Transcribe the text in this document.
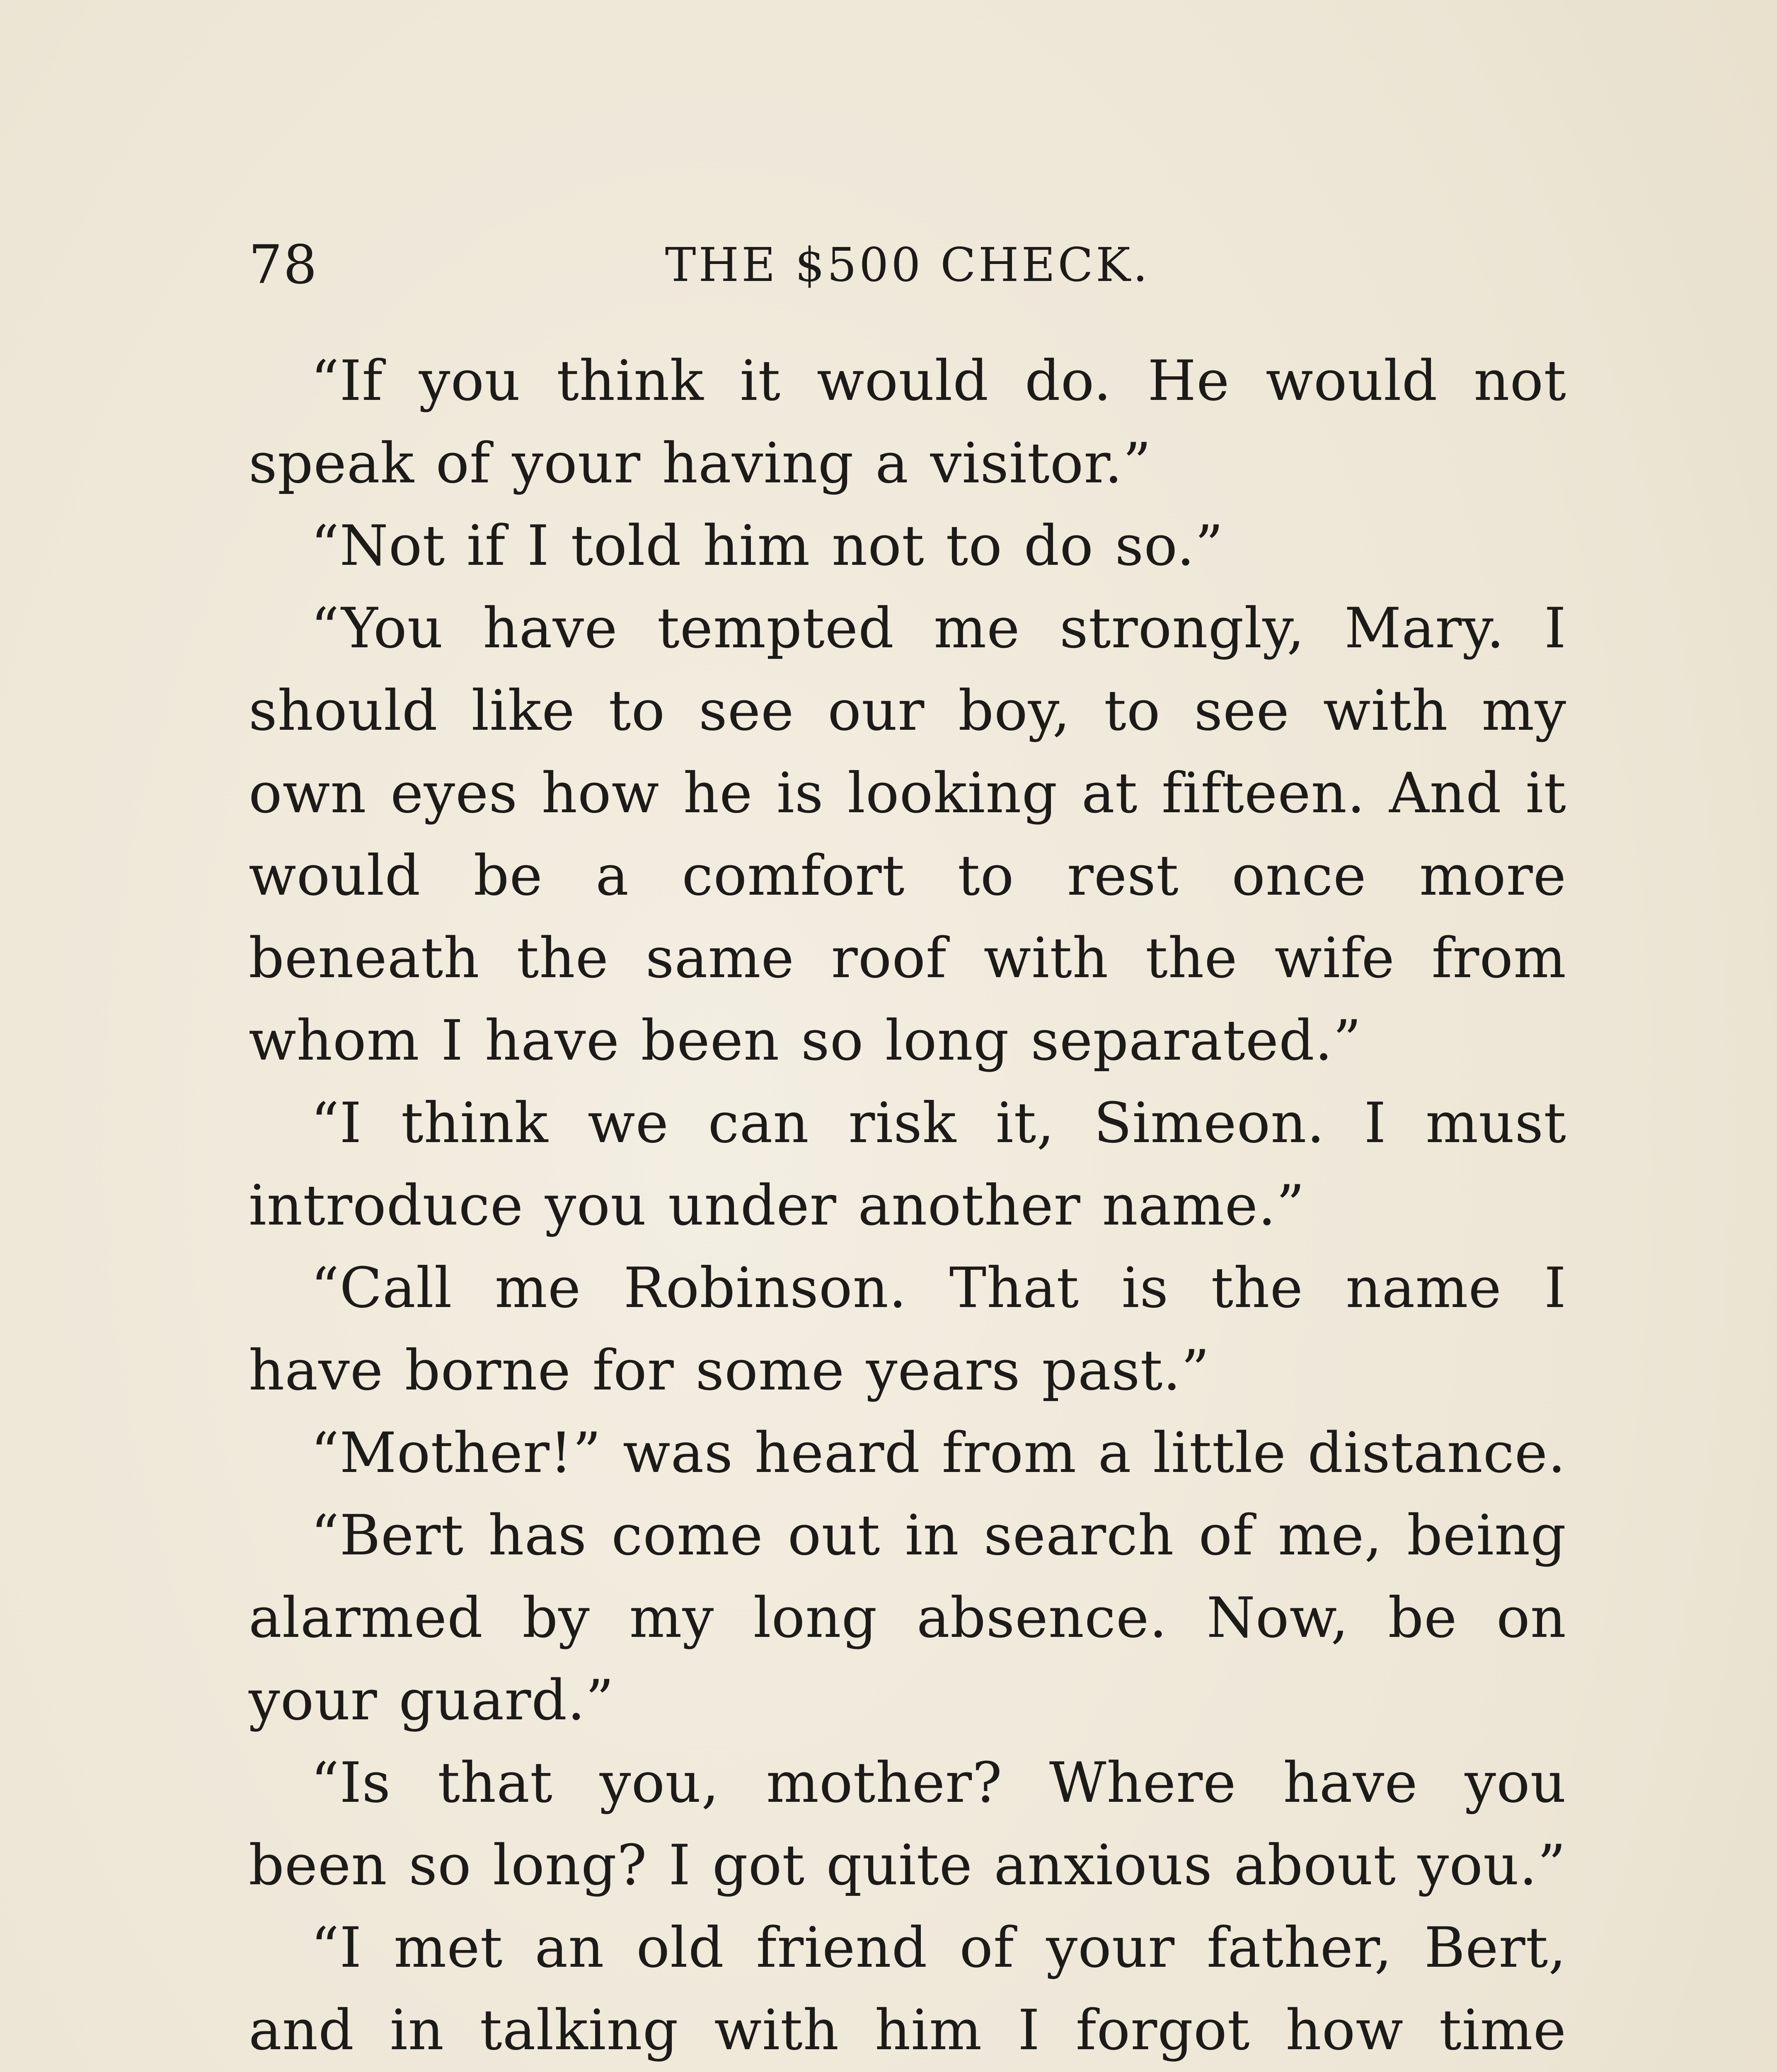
78	THE $500 CHECK.

“If you think it would do. He would not speak of your having a visitor.”

“Not if I told him not to do so.”

“You have tempted me strongly, Mary. I should like to see our boy, to see with my own eyes how he is looking at fifteen. And it would be a comfort to rest once more beneath the same roof with the wife from whom I have been so long separated.”

“I think we can risk it, Simeon. I must introduce you under another name.”

“Call me Robinson. That is the name I have borne for some years past.”

“Mother!” was heard from a little distance.

“Bert has come out in search of me, being alarmed by my long absence. Now, be on your guard.”

“Is that you, mother? Where have you been so long? I got quite anxious about you.”

“I met an old friend of your father, Bert, and in talking with him I forgot how time
